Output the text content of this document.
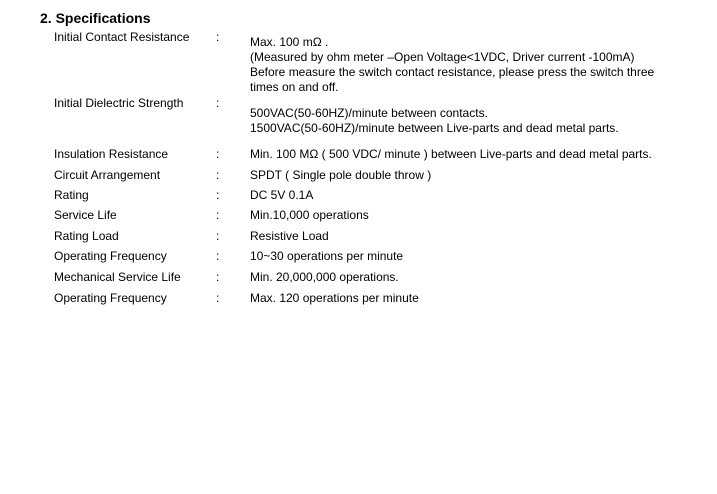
2. Specifications
Initial Contact Resistance :	Max. 100 mΩ .
(Measured by ohm meter –Open Voltage<1VDC, Driver current -100mA)
Before measure the switch contact resistance, please press the switch three
times on and off.
Initial Dielectric Strength	:
500VAC(50-60HZ)/minute between contacts.
1500VAC(50-60HZ)/minute between Live-parts and dead metal parts.
Insulation Resistance	:	Min. 100 MΩ ( 500 VDC/ minute ) between Live-parts and dead metal parts.
Circuit Arrangement	:	SPDT ( Single pole double throw )
Rating	:	DC 5V 0.1A
Service Life	:	Min.10,000 operations
Rating Load	:	Resistive Load
Operating Frequency	:	10~30 operations per minute
Mechanical Service Life	:	Min. 20,000,000 operations.
Operating Frequency	:	Max. 120 operations per minute
